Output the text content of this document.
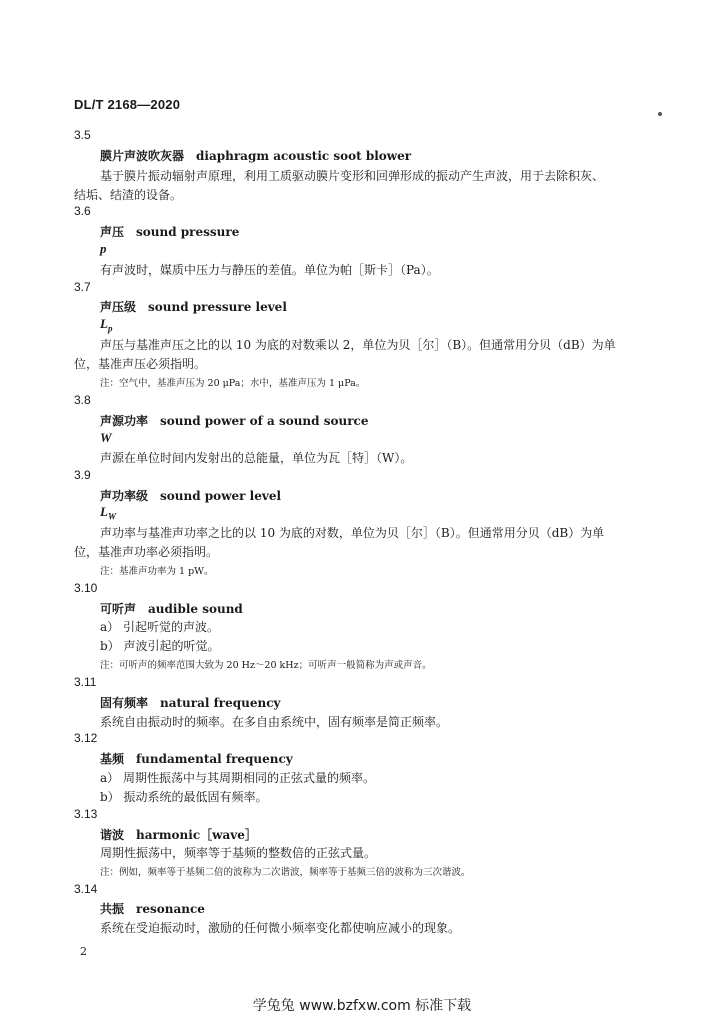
DL/T 2168—2020
3.5
膜片声波吹灰器 diaphragm acoustic soot blower
基于膜片振动辐射声原理，利用工质驱动膜片变形和回弹形成的振动产生声波，用于去除积灰、
结垢、结渣的设备。
3.6
声压 sound pressure
p
有声波时，媒质中压力与静压的差值。单位为帕［斯卡］（Pa）。
3.7
声压级 sound pressure level
$L_p$
声压与基准声压之比的以 10 为底的对数乘以 2，单位为贝［尔］（B）。但通常用分贝（dB）为单
位，基准声压必须指明。
注：空气中，基准声压为 20 μPa；水中，基准声压为 1 μPa。
3.8
声源功率 sound power of a sound source
W
声源在单位时间内发射出的总能量，单位为瓦［特］（W）。
3.9
声功率级 sound power level
$L_W$
声功率与基准声功率之比的以 10 为底的对数，单位为贝［尔］（B）。但通常用分贝（dB）为单
位，基准声功率必须指明。
注：基准声功率为 1 pW。
3.10
可听声 audible sound
a） 引起听觉的声波。
b） 声波引起的听觉。
注：可听声的频率范围大致为 20 Hz～20 kHz；可听声一般简称为声或声音。
3.11
固有频率 natural frequency
系统自由振动时的频率。在多自由系统中，固有频率是简正频率。
3.12
基频 fundamental frequency
a） 周期性振荡中与其周期相同的正弦式量的频率。
b） 振动系统的最低固有频率。
3.13
谐波 harmonic［wave］
周期性振荡中，频率等于基频的整数倍的正弦式量。
注：例如，频率等于基频二倍的波称为二次谐波，频率等于基频三倍的波称为三次谐波。
3.14
共振 resonance
系统在受迫振动时，激励的任何微小频率变化都使响应减小的现象。
2
学兔兔 www.bzfxw.com 标准下载
